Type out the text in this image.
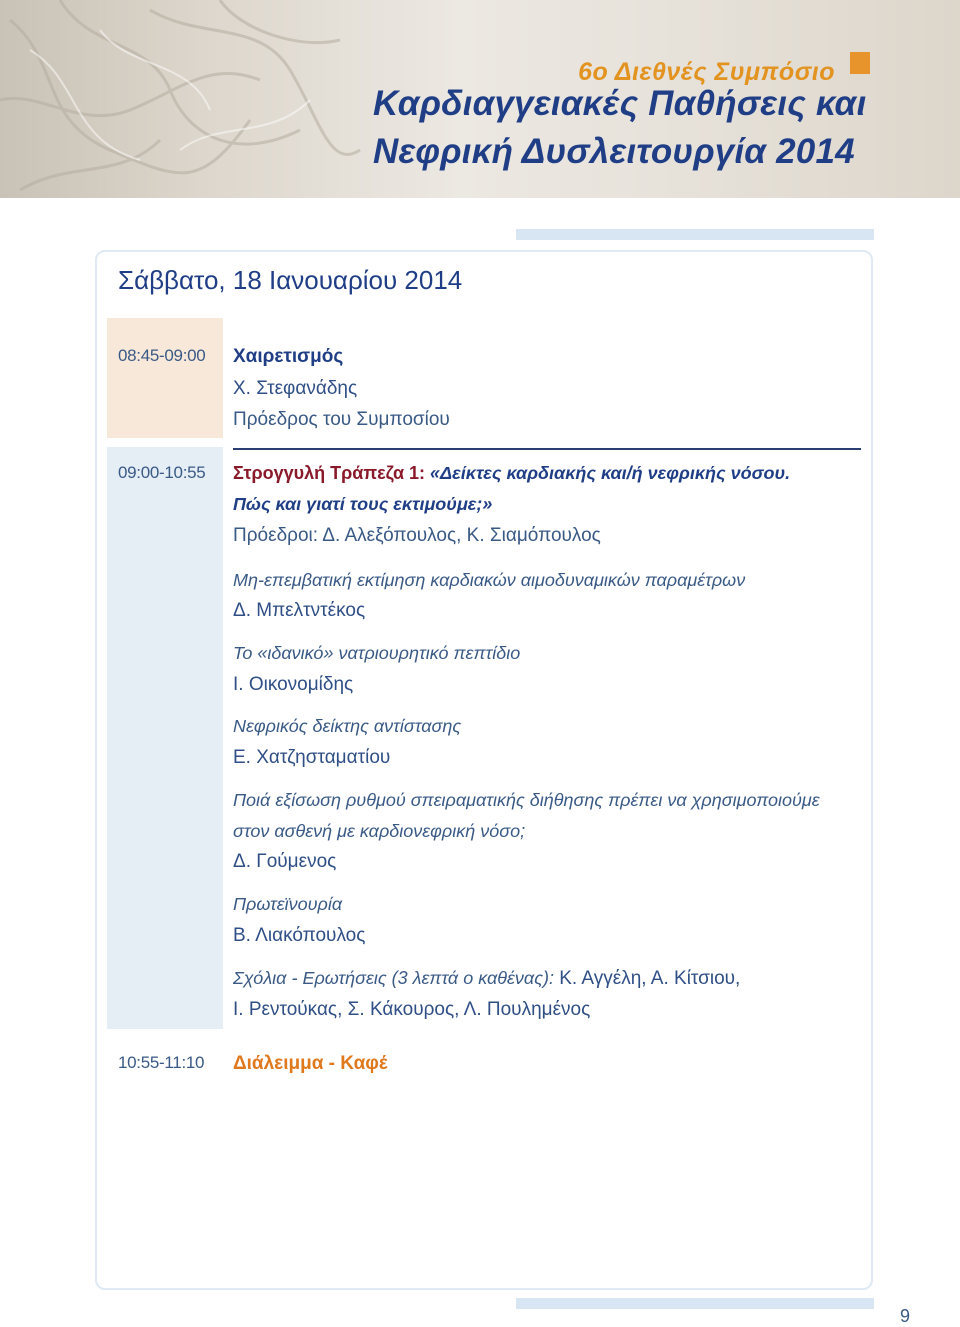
6ο Διεθνές Συμπόσιο
Καρδιαγγειακές Παθήσεις και
Νεφρική Δυσλειτουργία 2014
Σάββατο, 18 Ιανουαρίου 2014
08:45-09:00 Χαιρετισμός
Χ. Στεφανάδης
Πρόεδρος του Συμποσίου
09:00-10:55 Στρογγυλή Τράπεζα 1: «Δείκτες καρδιακής και/ή νεφρικής νόσου.
Πώς και γιατί τους εκτιμούμε;»
Πρόεδροι: Δ. Αλεξόπουλος, Κ. Σιαμόπουλος
Μη-επεμβατική εκτίμηση καρδιακών αιμοδυναμικών παραμέτρων
Δ. Μπελτντέκος
Το «ιδανικό» νατριουρητικό πεπτίδιο
Ι. Οικονομίδης
Νεφρικός δείκτης αντίστασης
Ε. Χατζησταματίου
Ποιά εξίσωση ρυθμού σπειραματικής διήθησης πρέπει να χρησιμοποιούμε
στον ασθενή με καρδιονεφρική νόσο;
Δ. Γούμενος
Πρωτεϊνουρία
Β. Λιακόπουλος
Σχόλια - Ερωτήσεις (3 λεπτά ο καθένας): Κ. Αγγέλη, Α. Κίτσιου,
Ι. Ρεντούκας, Σ. Κάκουρος, Λ. Πουλημένος
10:55-11:10 Διάλειμμα - Καφέ
9
